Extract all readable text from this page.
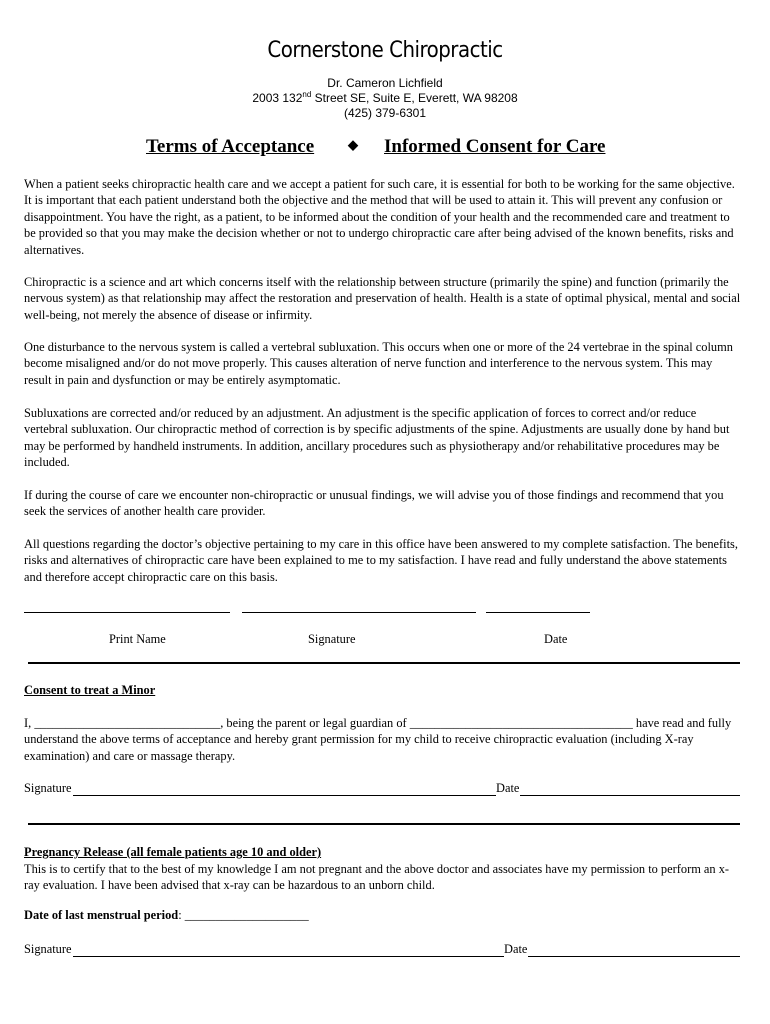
Cornerstone Chiropractic
Dr. Cameron Lichfield
2003 132nd Street SE, Suite E, Everett, WA 98208
(425) 379-6301
Terms of Acceptance	◆ Informed Consent for Care

When a patient seeks chiropractic health care and we accept a patient for such care, it is essential for both to be working for the same objective. It is important that each patient understand both the objective and the method that will be used to attain it. This will prevent any confusion or disappointment. You have the right, as a patient, to be informed about the condition of your health and the recommended care and treatment to be provided so that you may make the decision whether or not to undergo chiropractic care after being advised of the known benefits, risks and alternatives.

Chiropractic is a science and art which concerns itself with the relationship between structure (primarily the spine) and function (primarily the nervous system) as that relationship may affect the restoration and preservation of health. Health is a state of optimal physical, mental and social well-being, not merely the absence of disease or infirmity.

One disturbance to the nervous system is called a vertebral subluxation. This occurs when one or more of the 24 vertebrae in the spinal column become misaligned and/or do not move properly. This causes alteration of nerve function and interference to the nervous system. This may result in pain and dysfunction or may be entirely asymptomatic.

Subluxations are corrected and/or reduced by an adjustment. An adjustment is the specific application of forces to correct and/or reduce vertebral subluxation. Our chiropractic method of correction is by specific adjustments of the spine. Adjustments are usually done by hand but may be performed by handheld instruments. In addition, ancillary procedures such as physiotherapy and/or rehabilitative procedures may be included.

If during the course of care we encounter non-chiropractic or unusual findings, we will advise you of those findings and recommend that you seek the services of another health care provider.

All questions regarding the doctor’s objective pertaining to my care in this office have been answered to my complete satisfaction. The benefits, risks and alternatives of chiropractic care have been explained to me to my satisfaction. I have read and fully understand the above statements and therefore accept chiropractic care on this basis.

Print Name	Signature	Date
Consent to treat a Minor

I, ______________________________, being the parent or legal guardian of ____________________________________ have read and fully understand the above terms of acceptance and hereby grant permission for my child to receive chiropractic evaluation (including X-ray examination) and care or massage therapy.

Signature	Date
Pregnancy Release (all female patients age 10 and older)

This is to certify that to the best of my knowledge I am not pregnant and the above doctor and associates have my permission to perform an x-ray evaluation. I have been advised that x-ray can be hazardous to an unborn child.

Date of last menstrual period: ____________________
Signature	Date
